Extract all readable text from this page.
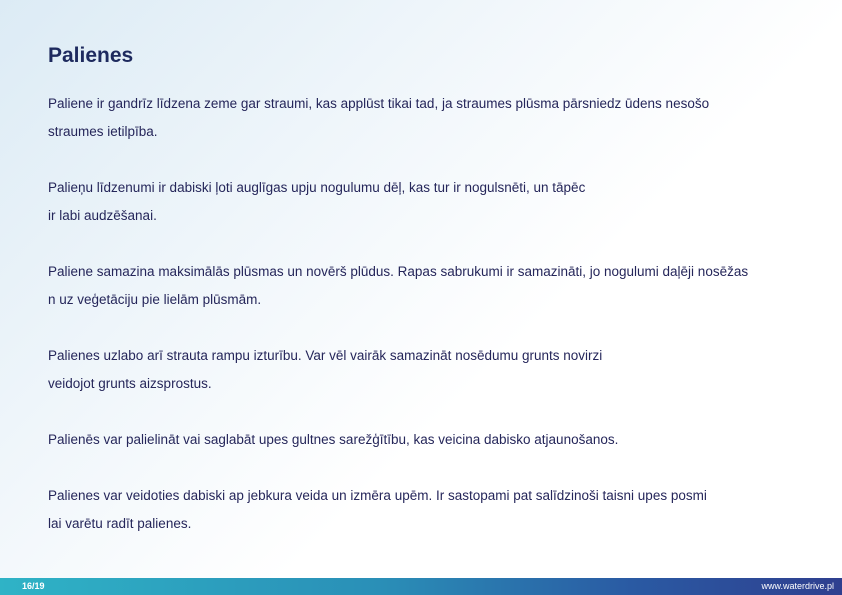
Palienes

Paliene ir gandrīz līdzena zeme gar straumi, kas applūst tikai tad, ja straumes plūsma pārsniedz ūdens nesošo
straumes ietilpība.

Palieņu līdzenumi ir dabiski ļoti auglīgas upju nogulumu dēļ, kas tur ir nogulsnēti, un tāpēc
ir labi audzēšanai.

Paliene samazina maksimālās plūsmas un novērš plūdus. Rapas sabrukumi ir samazināti, jo nogulumi daļēji nosēžas
n uz veģetāciju pie lielām plūsmām.

Palienes uzlabo arī strauta rampu izturību. Var vēl vairāk samazināt nosēdumu grunts novirzi
veidojot grunts aizsprostus.

Palienēs var palielināt vai saglabāt upes gultnes sarežģītību, kas veicina dabisko atjaunošanos.

Palienes var veidoties dabiski ap jebkura veida un izmēra upēm. Ir sastopami pat salīdzinoši taisni upes posmi
lai varētu radīt palienes.

16/19	www.waterdrive.pl
